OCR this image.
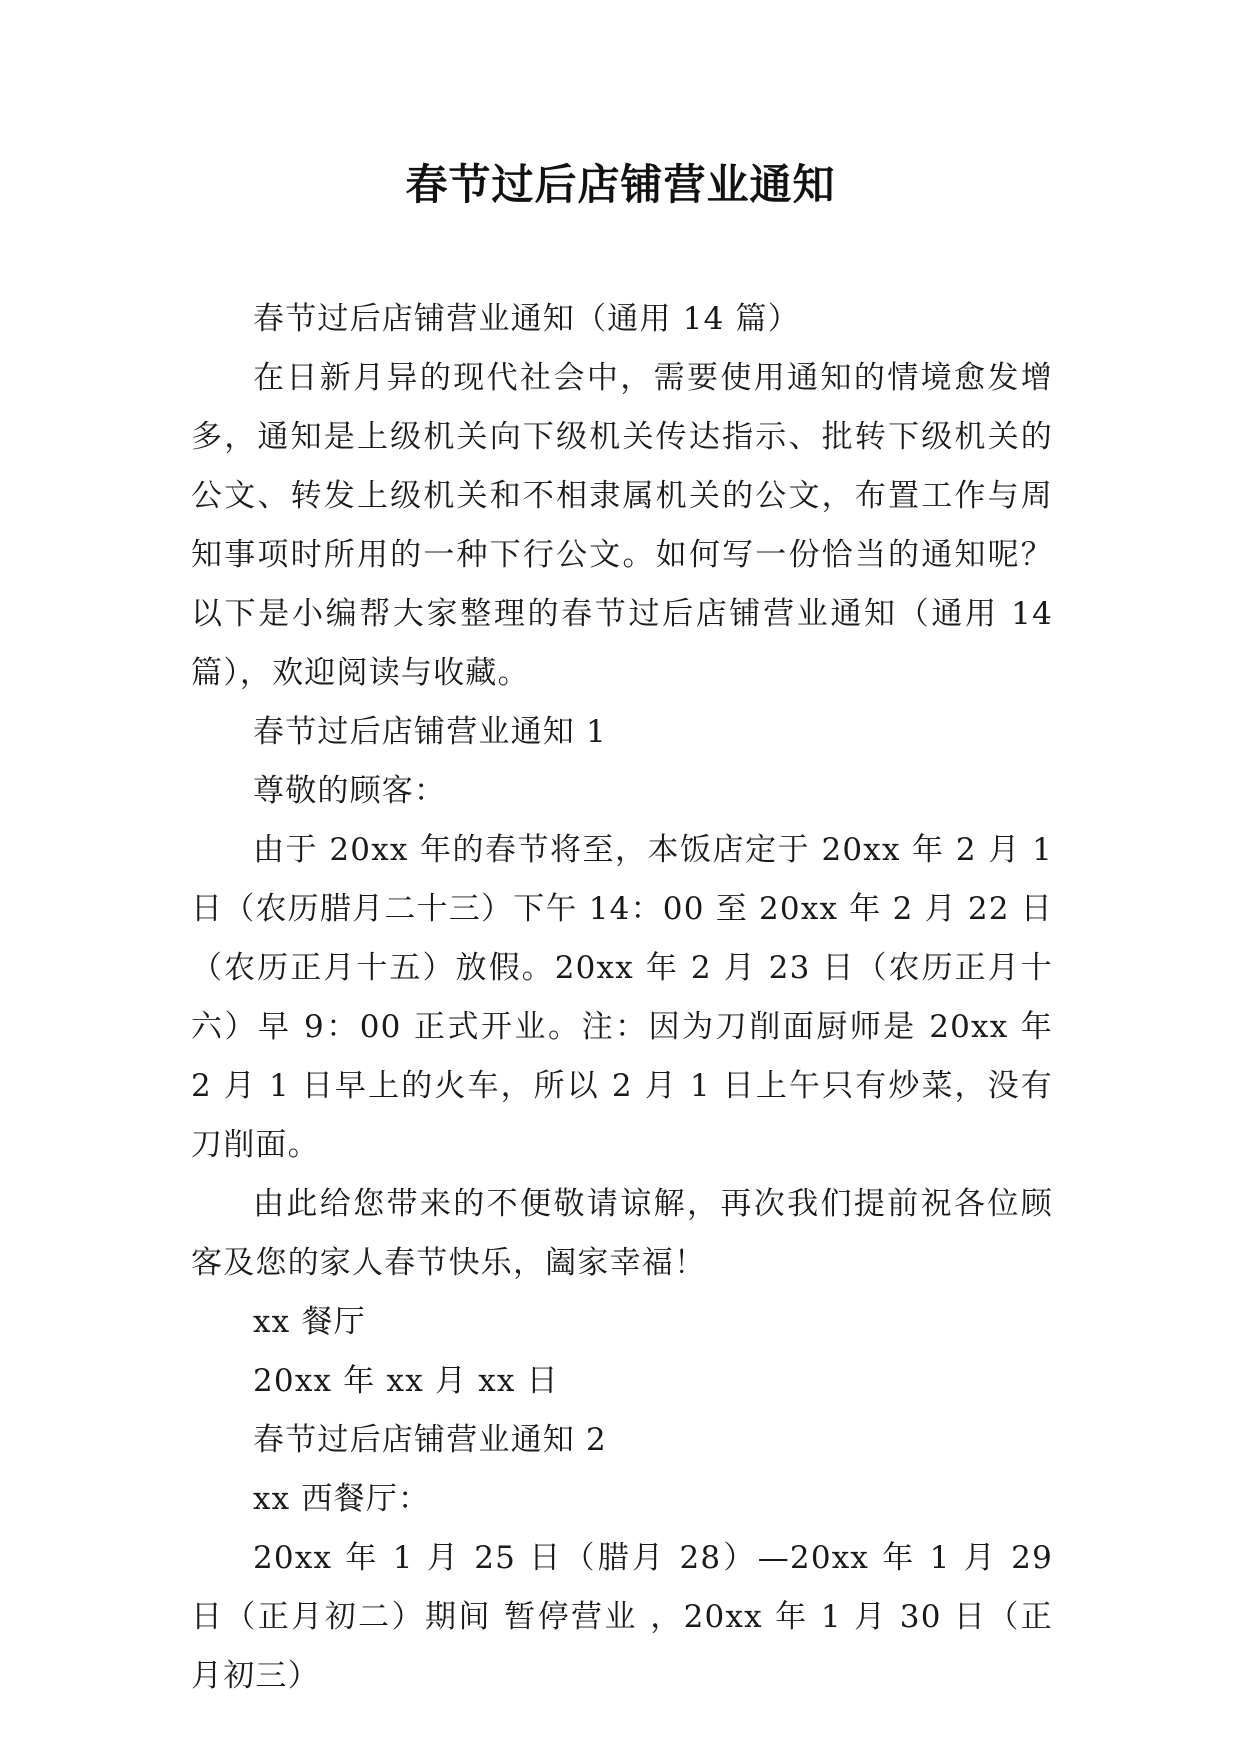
春节过后店铺营业通知

春节过后店铺营业通知（通用 14 篇）

在日新月异的现代社会中，需要使用通知的情境愈发增多，通知是上级机关向下级机关传达指示、批转下级机关的公文、转发上级机关和不相隶属机关的公文，布置工作与周知事项时所用的一种下行公文。如何写一份恰当的通知呢？以下是小编帮大家整理的春节过后店铺营业通知（通用 14 篇），欢迎阅读与收藏。

春节过后店铺营业通知 1

尊敬的顾客：

由于 20xx 年的春节将至，本饭店定于 20xx 年 2 月 1 日（农历腊月二十三）下午 14：00 至 20xx 年 2 月 22 日（农历正月十五）放假。20xx 年 2 月 23 日（农历正月十六）早 9：00 正式开业。注：因为刀削面厨师是 20xx 年 2 月 1 日早上的火车，所以 2 月 1 日上午只有炒菜，没有刀削面。

由此给您带来的不便敬请谅解，再次我们提前祝各位顾客及您的家人春节快乐，阖家幸福！

xx 餐厅

20xx 年 xx 月 xx 日

春节过后店铺营业通知 2

xx 西餐厅：

20xx 年 1 月 25 日（腊月 28）—20xx 年 1 月 29 日（正月初二）期间 暂停营业 ，20xx 年 1 月 30 日（正月初三）
